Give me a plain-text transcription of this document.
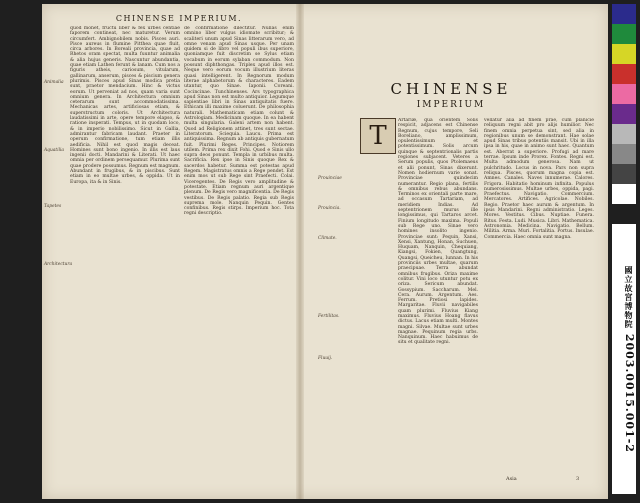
CHINENSE IMPERIUM.
quod monet, fructu liber & fex urbes centiae faporem contineat, nec maturetur. Verum circumfert. Ambignobilem nobis. Pisces auri. Pisce aureus in flumine Pitthea quae fluit, circa arbores. In Boreali provincia, quae ad Rhetos oram spectat, multa fuuntur animalia & alia hujus generis. Nascuntur abundantia, quae etiam Lathen ferunt & lanam. Cum nos a figuris atheis, cariosum, vitularum, gallinarum, anserum, pisces & piscium genera plurimis. Pisces apud Sinas modica pretia sunt, praetor mendacium. Hinc & victus eorum. Ut perveniat ad nos, quam varia sunt omnium genera. In Architectura omnium ceterarum sunt accommodatissima. Mechanicas artes, artificiosas etiam, & superstructum coloris. Ut Architectura laudatissimi in arte, opere tempore elapso, & ratione insperati. Tempus, ut in quodam loco, & in imperio nobilissimo. Sicut in Gallia, admirantur fabricam laudant. Praeter in operum confirmatione, tum etiam illis aedificia. Nihil est quod magis deceat. Homines sunt bono ingenio. In illis est laus ingenii docti. Mandarini & Literati. Ut haec omnia per ordinem persequamur. Plurima sunt quae prodere possumus. Regnum est magnum. Abundant in frugibus, & in piscibus. Sunt etiam in eo multae urbes, & oppida. Ut in Europa, ita & in Sinis.
de confirmatione dilectitur. Nullas enim omnino liber vulgus idiomate scribitur; & scaliteri unum apud Sinas litterarum vero, ad omne venam apud Sinas usque. Per unam quidem si de libro vel populi ibus superiore, quoniamque fuit discretim se Sylus etiam vocabum in eorum sylaban commodum. Non possunt diphthongas. Triplex apud illos est. Neque vero eorum vocum illustrium literas quasi intelligerent. In Regnorum modum literae alphabetorum & characteres. Eadem utantur, quo Sinae. Iaponii. Coreani. Cocincinae. Tunchinenses. Ars typographica apud Sinas non est multo antiquior. Legumque sapientiae libri in Sinas antiquitatis fuere. Ethicam illi maxime coluerunt. De philosophia naturali. Mathematicam etiam colunt & Astrologiam. Medicinam quoque. In ea habent multa singularia. Galeni artem non habent. Quod ad Religionem attinet, tres sunt sectae. Literatorum. Sciequia. Laucu. Prima est antiquissima. Regnum ab antiquis gubernatum fuit. Plurimi Reges. Principes. Notiorem utilem. Prima rex dixit Fohi. Quod e Sinis ullo supra deos ponunt. Templa in urbibus multa. Sacrificia. Rex ipse in Sinis quoque Rex & sacerdos habetur. Summa est potestas apud Regem. Magistratus omnis a Rege pendet. Est enim mos ut sub Rege sint Praefecti. Colai. Viceregentes. De Regis vero amplitudine & potestate. Etiam regnum auri argentique plenum. De Regis vero magnificentia. De Regis vestibus. De Regis palatio. Regia sub Regis suprema mole. Nanquin Pequin. Gentes confinibus. Regis stirps. Imperium hoc. Tota regni descriptio.
Animalia
Aquatilia
Tapetes
Architectura
CHINENSE
IMPERIUM
Artariæ, qua orientem Solis respicit, adjacens est Chinense Regnum, cujus tempore, Seli Boreliano, amplissimum, opulentissimum et potentissimum. Solis arcum quinque & septentrionalis partis regiones subjacent. Veteres a Serum populis, quos Ptolemaeus et alii ponunt, Sinas dixerunt. Nomen hodiernum varie sonat. Provinciae quindecim numerantur. Regio plana, fertilis & omnibus rebus abundans. Terminos ex orientali parte mare, ad occasum Tartariam, ad meridiem Indias. Ad septentrionem murus ille longissimus, qui Tartaros arcet. Finium longitudo maxima. Populi sub Rege uno. Sinae vero homines insolito ingenio. Provinciae sunt: Pequin, Xansi, Xensi, Xantung, Honan, Suchuen, Huquam, Nanquin, Chequiang, Kiangsi, Fokien, Quangtung, Quangsi, Queicheu, Iunnan. In his provinciis urbes multae, quarum praecipuae. Terra abundat omnibus frugibus. Oriza maxime colitur. Vini loco utuntur potu ex oriza. Sericum abundat. Gossypium. Saccharum. Mel. Cera. Aurum. Argentum. Aes. Ferrum. Pretiosi lapides. Margaritae. Fluvii navigabiles quam plurimi. Fluvius Kiang maximus. Fluvius Hoang flavus dictus. Lacus etiam multi. Montes magni. Silvae. Multae sunt urbes magnae. Pequinum regia urbs. Nanquinum. Haec habuimus de situ et qualitate regni.
T
vellatur alia ad finem prae, cum planicie reliquum regni abit pro alijs humilior. Nec finem omnia perpetua sint, sed alia in regionibus unum se demonstrant. Hae solae apud Sinas tribus potentiis mansit. Ubi in illa ipsa in his, quae in animo sunt haec. Quantum est. Aberrat a superiore. Profugi ad mare terrae. Ipsum inde Prorex. Fontes. Regni est. Multa admodum generosa. Nam ut pulchritudo. Locus in nova. Pars non supra reliqua. Pisces, quorum magna copia est. Amnes. Canales. Naves innumerae. Calores. Frigora. Habitatio hominum infinita. Populus numerosissimus. Multae urbes, oppida, pagi. Praefectus. Navigatio. Commercium. Mercatores. Artifices. Agricolae. Nobiles. Regio. Praetor haec aurum & argentum. In ipsis Mandarini. Regni administratio. Leges. Mores. Vestitus. Cibus. Nuptiae. Funera. Ritus. Festa. Ludi. Musica. Libri. Mathematica. Astronomia. Medicina. Navigatio. Bellum. Militia. Arma. Muri. Fortalitia. Portus. Insulae. Commercia. Haec omnia sunt magna.
Asia	3
Prouinciae
Prouincia.
Climate.
Fertilitas.
Fluuij.
國立故宮博物院 2003.0015.001-2
